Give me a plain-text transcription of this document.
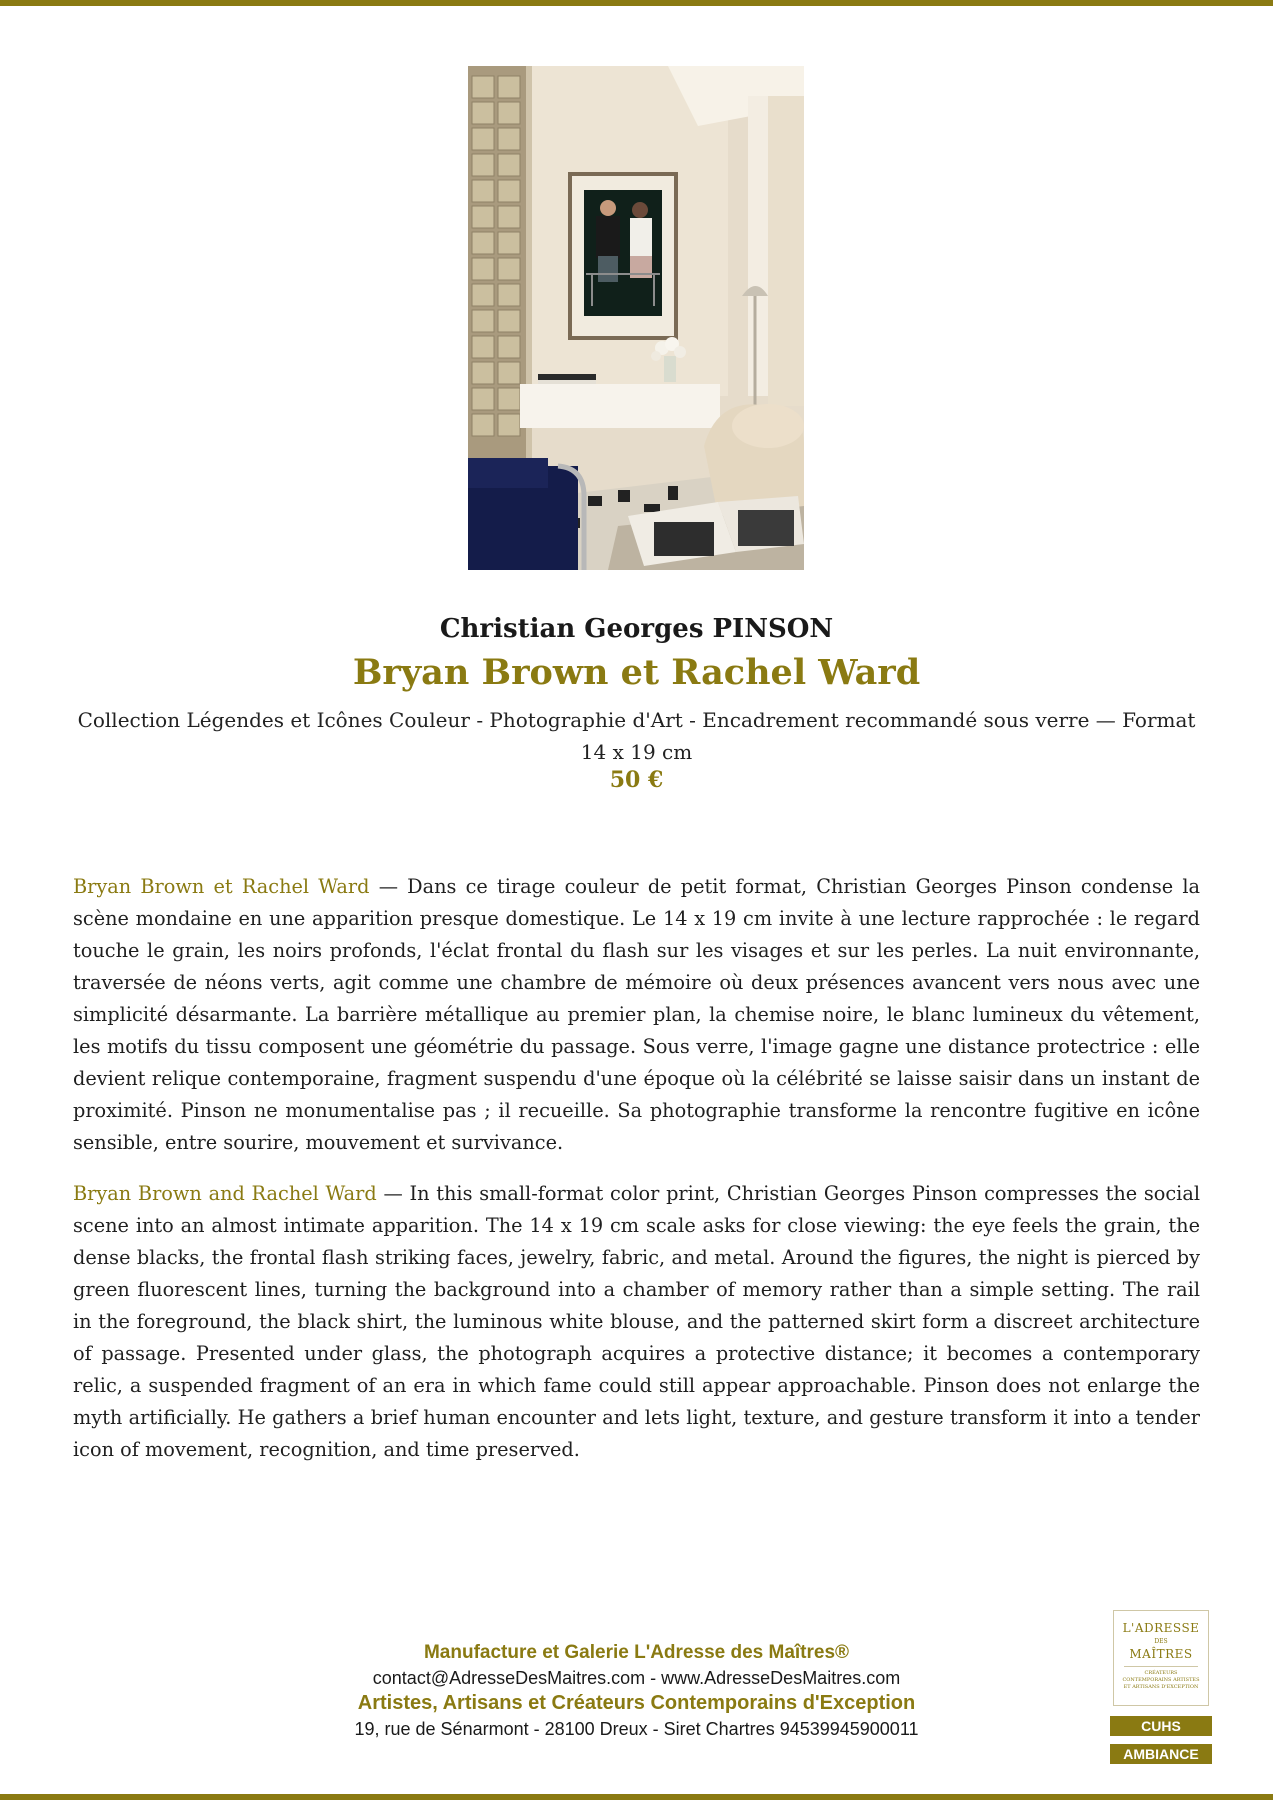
Christian Georges PINSON
Bryan Brown et Rachel Ward
Collection Légendes et Icônes Couleur - Photographie d'Art - Encadrement recommandé sous verre — Format 14 x 19 cm
50 €

Bryan Brown et Rachel Ward — Dans ce tirage couleur de petit format, Christian Georges Pinson condense la scène mondaine en une apparition presque domestique. Le 14 x 19 cm invite à une lecture rapprochée : le regard touche le grain, les noirs profonds, l'éclat frontal du flash sur les visages et sur les perles. La nuit environnante, traversée de néons verts, agit comme une chambre de mémoire où deux présences avancent vers nous avec une simplicité désarmante. La barrière métallique au premier plan, la chemise noire, le blanc lumineux du vêtement, les motifs du tissu composent une géométrie du passage. Sous verre, l'image gagne une distance protectrice : elle devient relique contemporaine, fragment suspendu d'une époque où la célébrité se laisse saisir dans un instant de proximité. Pinson ne monumentalise pas ; il recueille. Sa photographie transforme la rencontre fugitive en icône sensible, entre sourire, mouvement et survivance.

Bryan Brown and Rachel Ward — In this small-format color print, Christian Georges Pinson compresses the social scene into an almost intimate apparition. The 14 x 19 cm scale asks for close viewing: the eye feels the grain, the dense blacks, the frontal flash striking faces, jewelry, fabric, and metal. Around the figures, the night is pierced by green fluorescent lines, turning the background into a chamber of memory rather than a simple setting. The rail in the foreground, the black shirt, the luminous white blouse, and the patterned skirt form a discreet architecture of passage. Presented under glass, the photograph acquires a protective distance; it becomes a contemporary relic, a suspended fragment of an era in which fame could still appear approachable. Pinson does not enlarge the myth artificially. He gathers a brief human encounter and lets light, texture, and gesture transform it into a tender icon of movement, recognition, and time preserved.

Manufacture et Galerie L'Adresse des Maîtres®
contact@AdresseDesMaitres.com - www.AdresseDesMaitres.com
Artistes, Artisans et Créateurs Contemporains d'Exception
19, rue de Sénarmont - 28100 Dreux - Siret Chartres 94539945900011
L'ADRESSE
DES
MAÎTRES
CRÉATEURS CONTEMPORAINS ARTISTES ET ARTISANS D'EXCEPTION
CUHS
AMBIANCE
